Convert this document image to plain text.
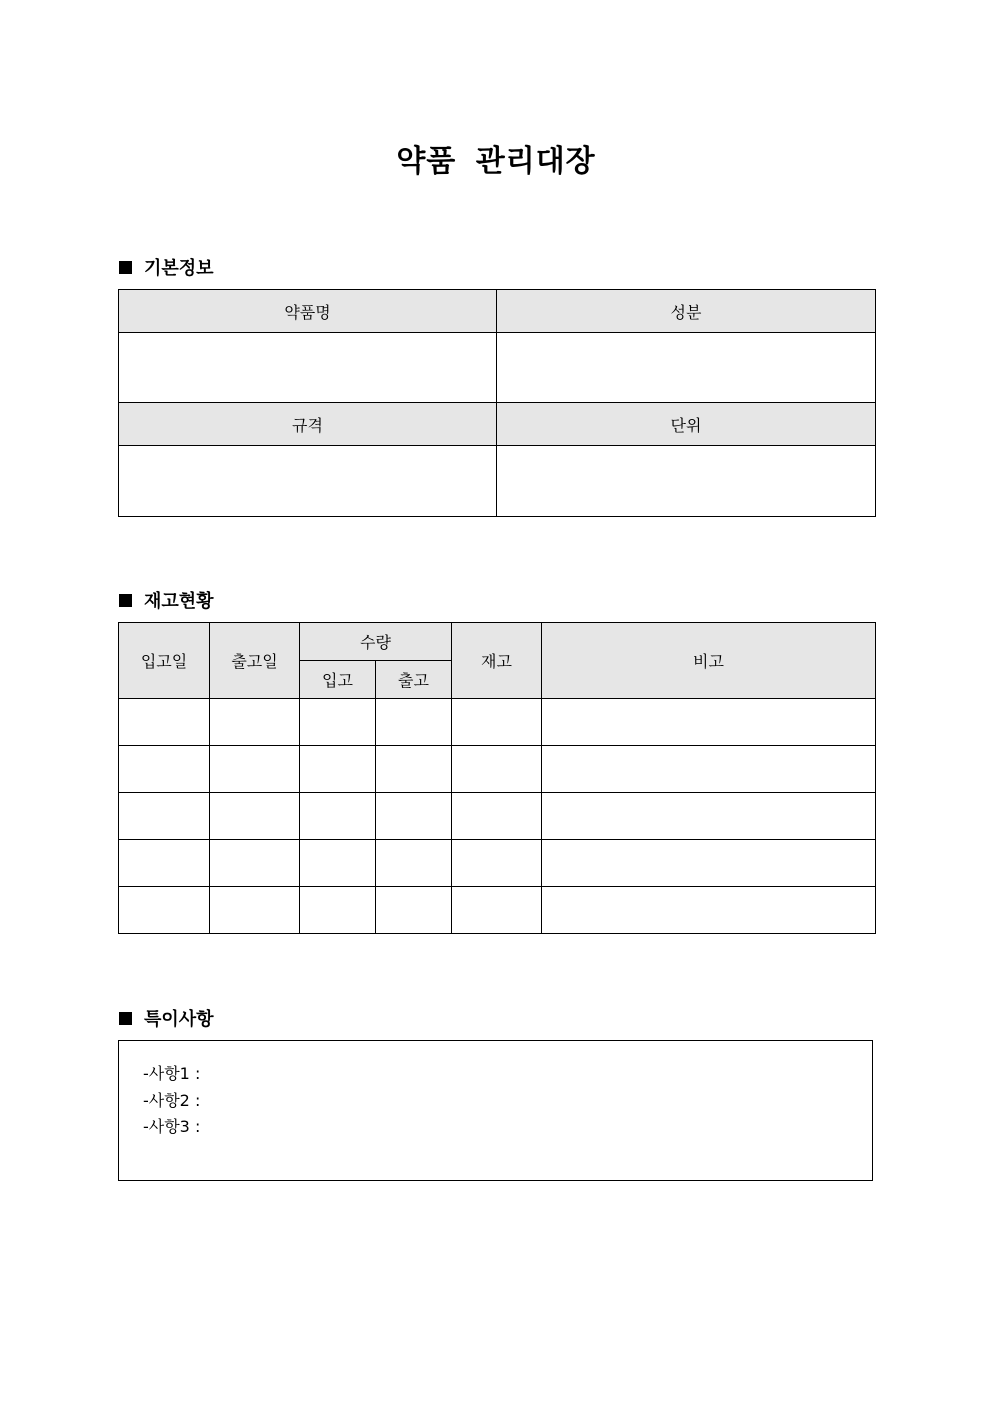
약품 관리대장
기본정보
약품명	성분

규격	단위

재고현황
입고일	출고일	수량		재고	비고
		입고	출고		

특이사항
-사항1 :
-사항2 :
-사항3 :
